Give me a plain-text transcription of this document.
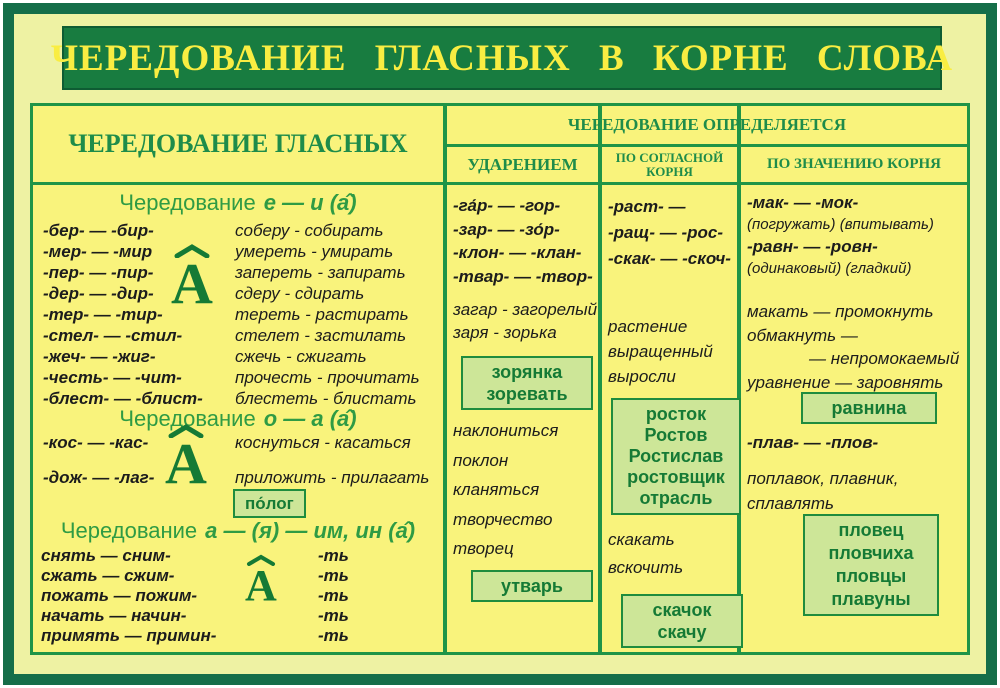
ЧЕРЕДОВАНИЕ ГЛАСНЫХ В КОРНЕ СЛОВА
ЧЕРЕДОВАНИЕ ГЛАСНЫХ
ЧЕРЕДОВАНИЕ ОПРЕДЕЛЯЕТСЯ
УДАРЕНИЕМ	ПО СОГЛАСНОЙ КОРНЯ	ПО ЗНАЧЕНИЮ КОРНЯ
Чередование е — и (а̂)
-бер- — -бир-
-мер- — -мир
-пер- — -пир-
-дер- — -дир-
-тер- — -тир-
-стел- — -стил-
-жеч- — -жиг-
-честь- — -чит-
-блест- — -блист-
соберу - собирать
умереть - умирать
запереть - запирать
сдеру - сдирать
тереть - растирать
стелет - застилать
сжечь - сжигать
прочесть - прочитать
блестеть - блистать
А
Чередование о — а (а̂)
-кос- — -кас-
-дож- — -лаг-
коснуться - касаться
приложить - прилагать
А
по́лог
Чередование а — (я) — им, ин (а̂)
снять — сним-
сжать — сжим-
пожать — пожим-
начать — начин-
примять — примин-
-ть
-ть
-ть
-ть
-ть
А
-га́р- — -гор-
-зар- — -зо́р-
-клон- — -клан-
-твар- — -твор-
загар - загорелый
заря - зорька
зорянка
зоревать
наклониться
поклон
кланяться
творчество
творец
утварь
-раст- —
-ращ- — -рос-
-скак- — -скоч-
растение
выращенный
выросли
росток
Ростов
Ростислав
ростовщик
отрасль
скакать
вскочить
скачок
скачу
-мак- — -мок-
(погружать) (впитывать)
-равн- — -ровн-
(одинаковый) (гладкий)
макать — промокнуть
обмакнуть —
— непромокаемый
уравнение — заровнять
равнина
-плав- — -плов-
поплавок, плавник,
сплавлять
пловец
пловчиха
пловцы
плавуны
